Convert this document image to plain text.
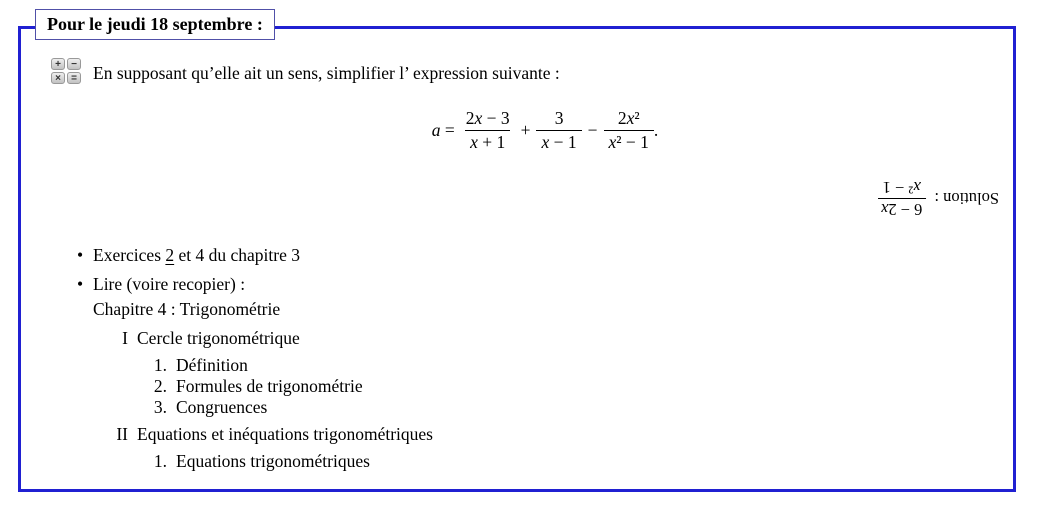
Pour le jeudi 18 septembre :
+	−
×	= En supposant qu’elle ait un sens, simplifier l’ expression suivante :
$a = \frac{2x - 3}{x + 1} + \frac{3}{x - 1} - \frac{\text{2x²}}{\text{x² − 1}}$ .
Solution :
6 − 2x
x² − 1
• Exercices 2 et 4 du chapitre 3
• Lire (voire recopier) :
Chapitre 4 : Trigonométrie
I Cercle trigonométrique
1. Définition
2. Formules de trigonométrie
3. Congruences
II Equations et inéquations trigonométriques
1. Equations trigonométriques
